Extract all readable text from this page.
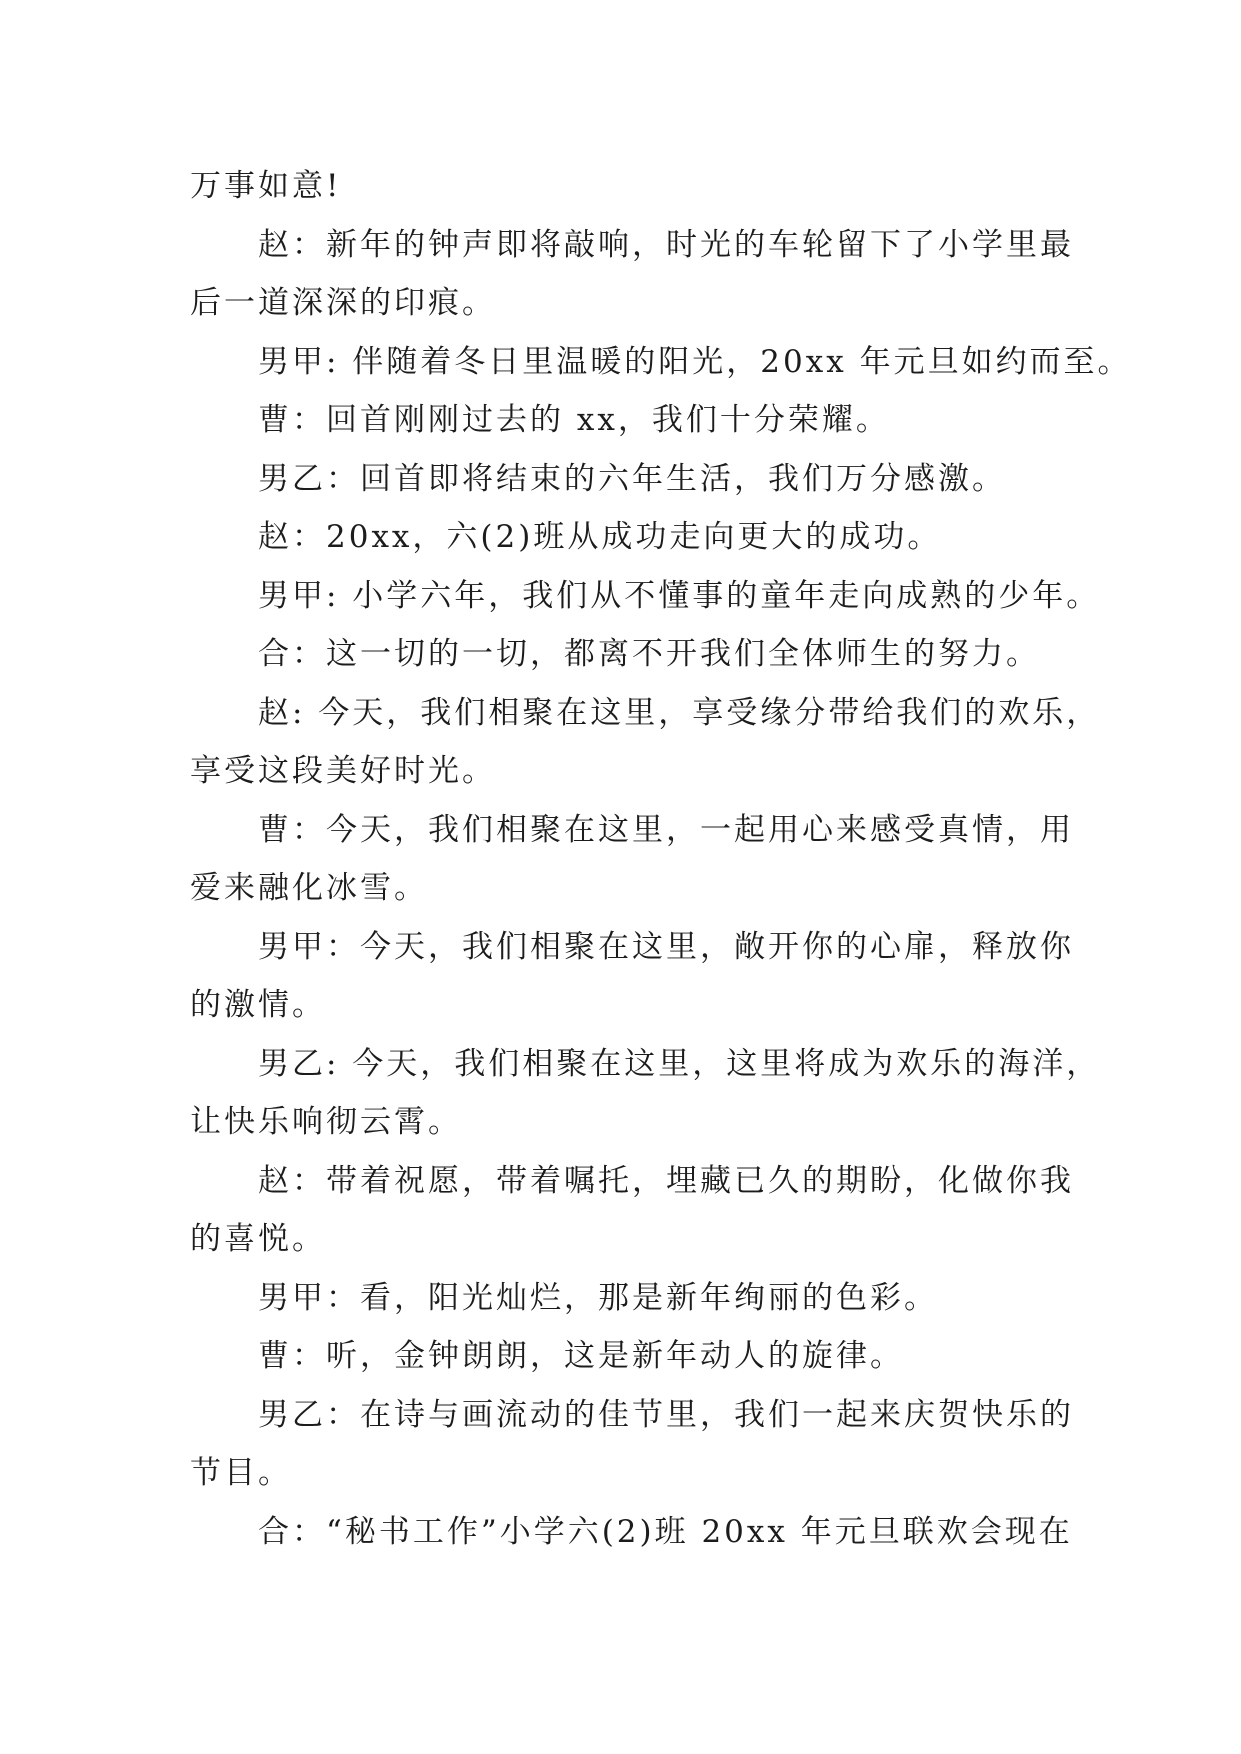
万事如意!
赵：新年的钟声即将敲响，时光的车轮留下了小学里最
后一道深深的印痕。
男甲: 伴随着冬日里温暖的阳光，20xx 年元旦如约而至。
曹：回首刚刚过去的 xx，我们十分荣耀。
男乙：回首即将结束的六年生活，我们万分感激。
赵：20xx，六(2)班从成功走向更大的成功。
男甲: 小学六年，我们从不懂事的童年走向成熟的少年。
合：这一切的一切，都离不开我们全体师生的努力。
赵: 今天，我们相聚在这里，享受缘分带给我们的欢乐，
享受这段美好时光。
曹：今天，我们相聚在这里，一起用心来感受真情，用
爱来融化冰雪。
男甲：今天，我们相聚在这里，敞开你的心扉，释放你
的激情。
男乙: 今天，我们相聚在这里，这里将成为欢乐的海洋，
让快乐响彻云霄。
赵：带着祝愿，带着嘱托，埋藏已久的期盼，化做你我
的喜悦。
男甲：看，阳光灿烂，那是新年绚丽的色彩。
曹：听，金钟朗朗，这是新年动人的旋律。
男乙：在诗与画流动的佳节里，我们一起来庆贺快乐的
节目。
合：“秘书工作”小学六(2)班 20xx 年元旦联欢会现在
